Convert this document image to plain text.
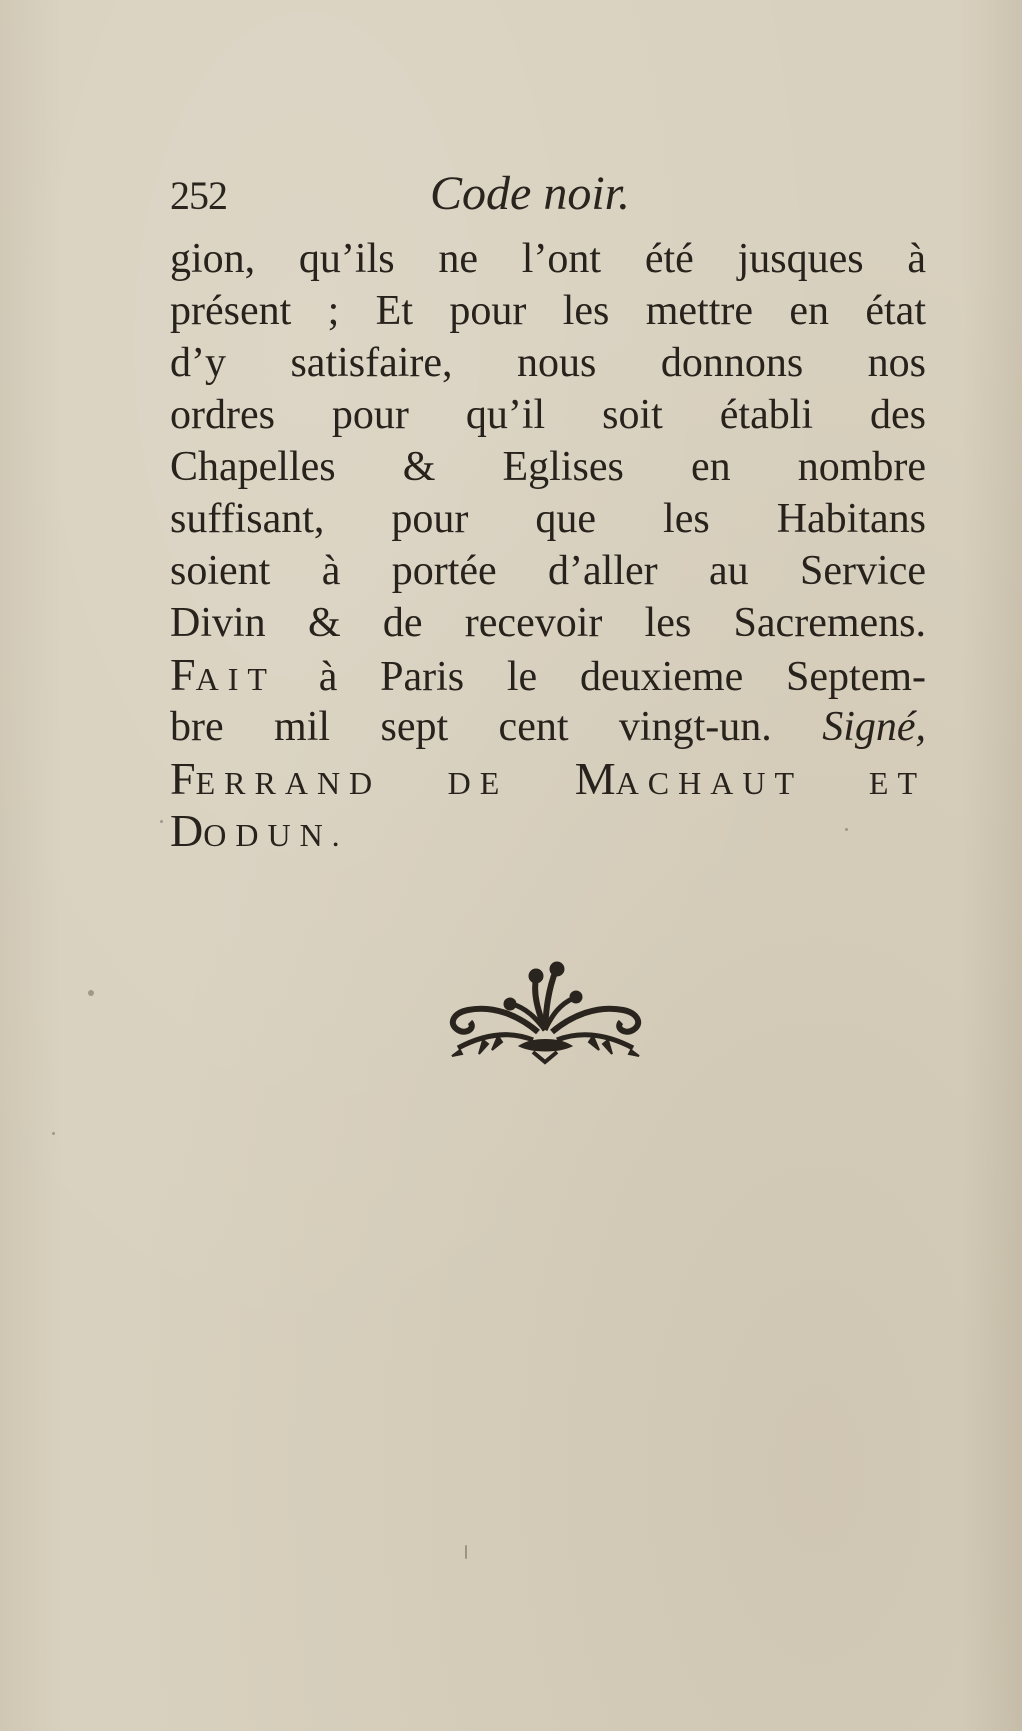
252	Code noir.
gion, qu’ils ne l’ont été jusques à
présent ; Et pour les mettre en état
d’y satisfaire, nous donnons nos
ordres pour qu’il soit établi des
Chapelles & Eglises en nombre
suffisant, pour que les Habitans
soient à portée d’aller au Service
Divin & de recevoir les Sacremens.
FAIT à Paris le deuxieme Septem-
bre mil sept cent vingt-un. Signé,
FERRAND DE MACHAUT ET
DODUN.
